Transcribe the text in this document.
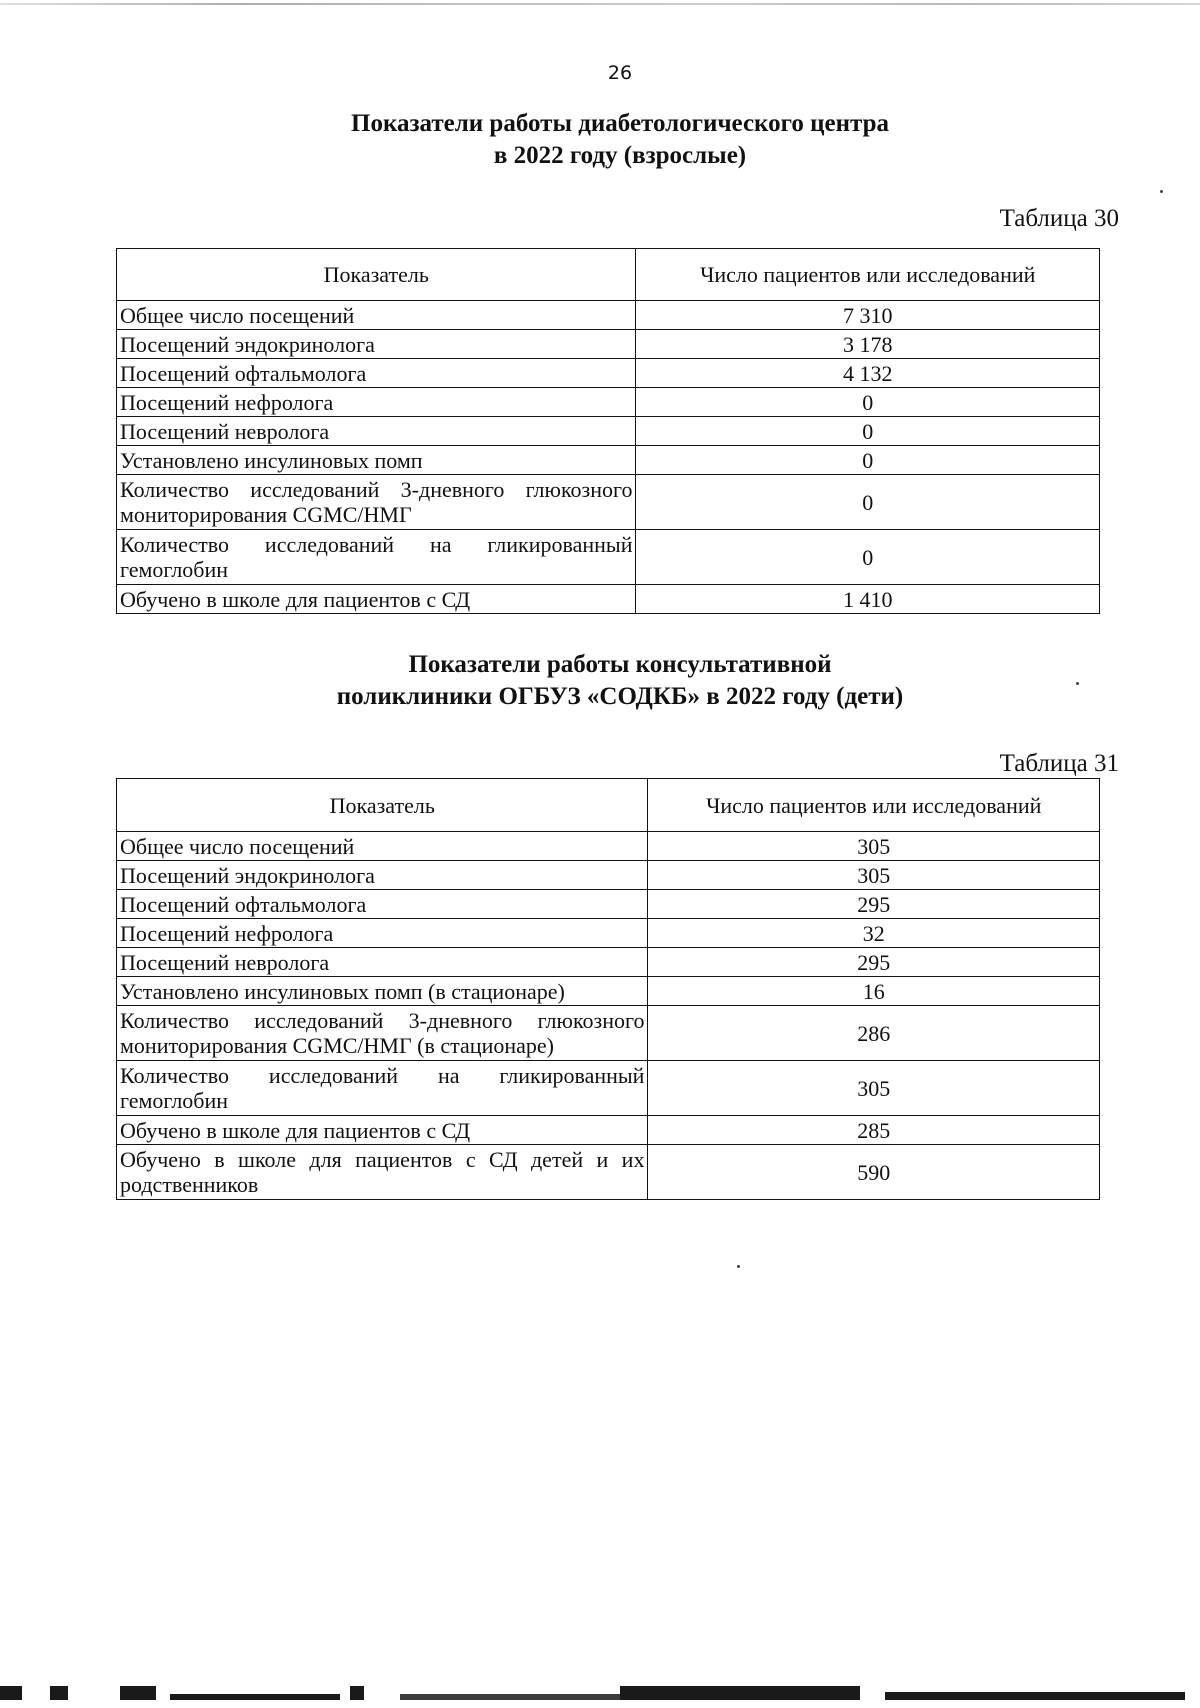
26
Показатели работы диабетологического центра
в 2022 году (взрослые)
Таблица 30
Показатель	Число пациентов или исследований
Общее число посещений	7 310
Посещений эндокринолога	3 178
Посещений офтальмолога	4 132
Посещений нефролога	0
Посещений невролога	0
Установлено инсулиновых помп	0
Количество исследований 3-дневного глюкозного мониторирования CGMC/НМГ	0
Количество исследований на гликированный гемоглобин	0
Обучено в школе для пациентов с СД	1 410
Показатели работы консультативной
поликлиники ОГБУЗ «СОДКБ» в 2022 году (дети)
Таблица 31
Показатель	Число пациентов или исследований
Общее число посещений	305
Посещений эндокринолога	305
Посещений офтальмолога	295
Посещений нефролога	32
Посещений невролога	295
Установлено инсулиновых помп (в стационаре)	16
Количество исследований 3-дневного глюкозного мониторирования CGMC/НМГ (в стационаре)	286
Количество исследований на гликированный гемоглобин	305
Обучено в школе для пациентов с СД	285
Обучено в школе для пациентов с СД детей и их родственников	590
